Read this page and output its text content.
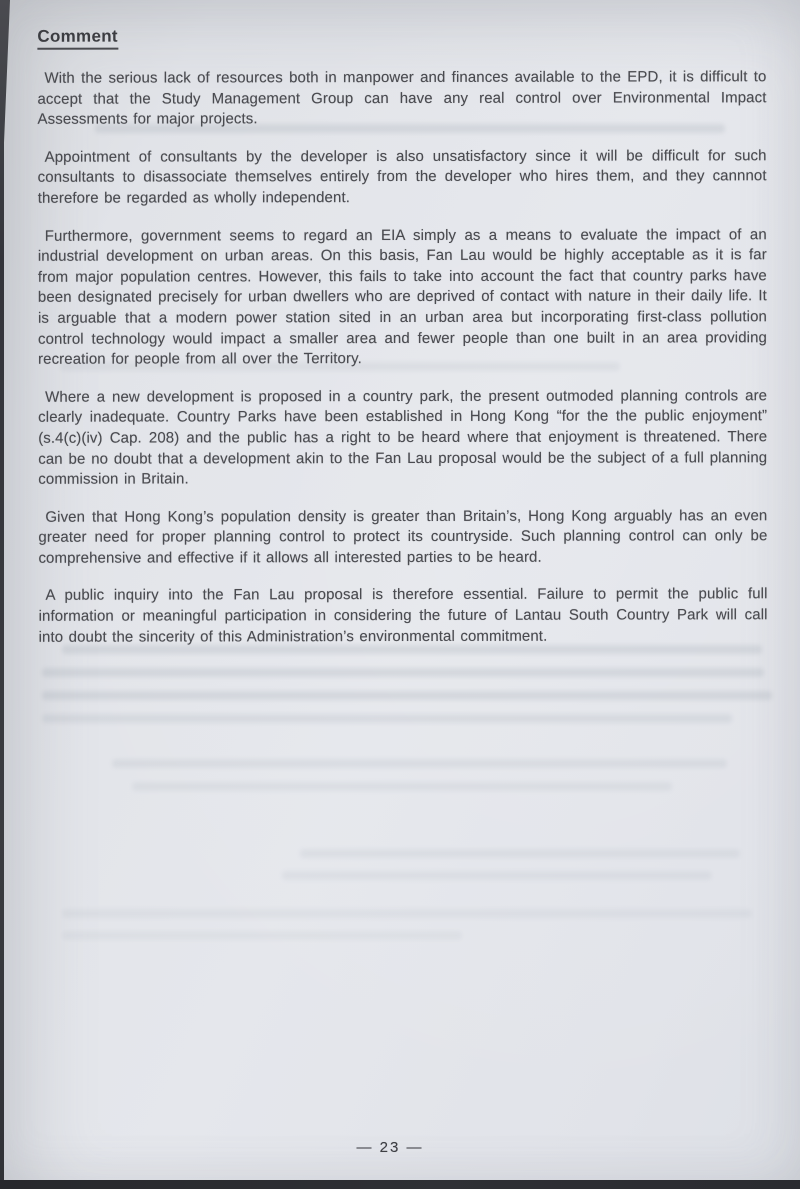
Comment

With the serious lack of resources both in manpower and finances available to the EPD, it is difficult to accept that the Study Management Group can have any real control over Environmental Impact Assessments for major projects.

Appointment of consultants by the developer is also unsatisfactory since it will be difficult for such consultants to disassociate themselves entirely from the developer who hires them, and they cannnot therefore be regarded as wholly independent.

Furthermore, government seems to regard an EIA simply as a means to evaluate the impact of an industrial development on urban areas. On this basis, Fan Lau would be highly acceptable as it is far from major population centres. However, this fails to take into account the fact that country parks have been designated precisely for urban dwellers who are deprived of contact with nature in their daily life. It is arguable that a modern power station sited in an urban area but incorporating first-class pollution control technology would impact a smaller area and fewer people than one built in an area providing recreation for people from all over the Territory.

Where a new development is proposed in a country park, the present outmoded planning controls are clearly inadequate. Country Parks have been established in Hong Kong “for the the public enjoyment” (s.4(c)(iv) Cap. 208) and the public has a right to be heard where that enjoyment is threatened. There can be no doubt that a development akin to the Fan Lau proposal would be the subject of a full planning commission in Britain.

Given that Hong Kong’s population density is greater than Britain’s, Hong Kong arguably has an even greater need for proper planning control to protect its countryside. Such planning control can only be comprehensive and effective if it allows all interested parties to be heard.

A public inquiry into the Fan Lau proposal is therefore essential. Failure to permit the public full information or meaningful participation in considering the future of Lantau South Country Park will call into doubt the sincerity of this Administration’s environmental commitment.

— 23 —
